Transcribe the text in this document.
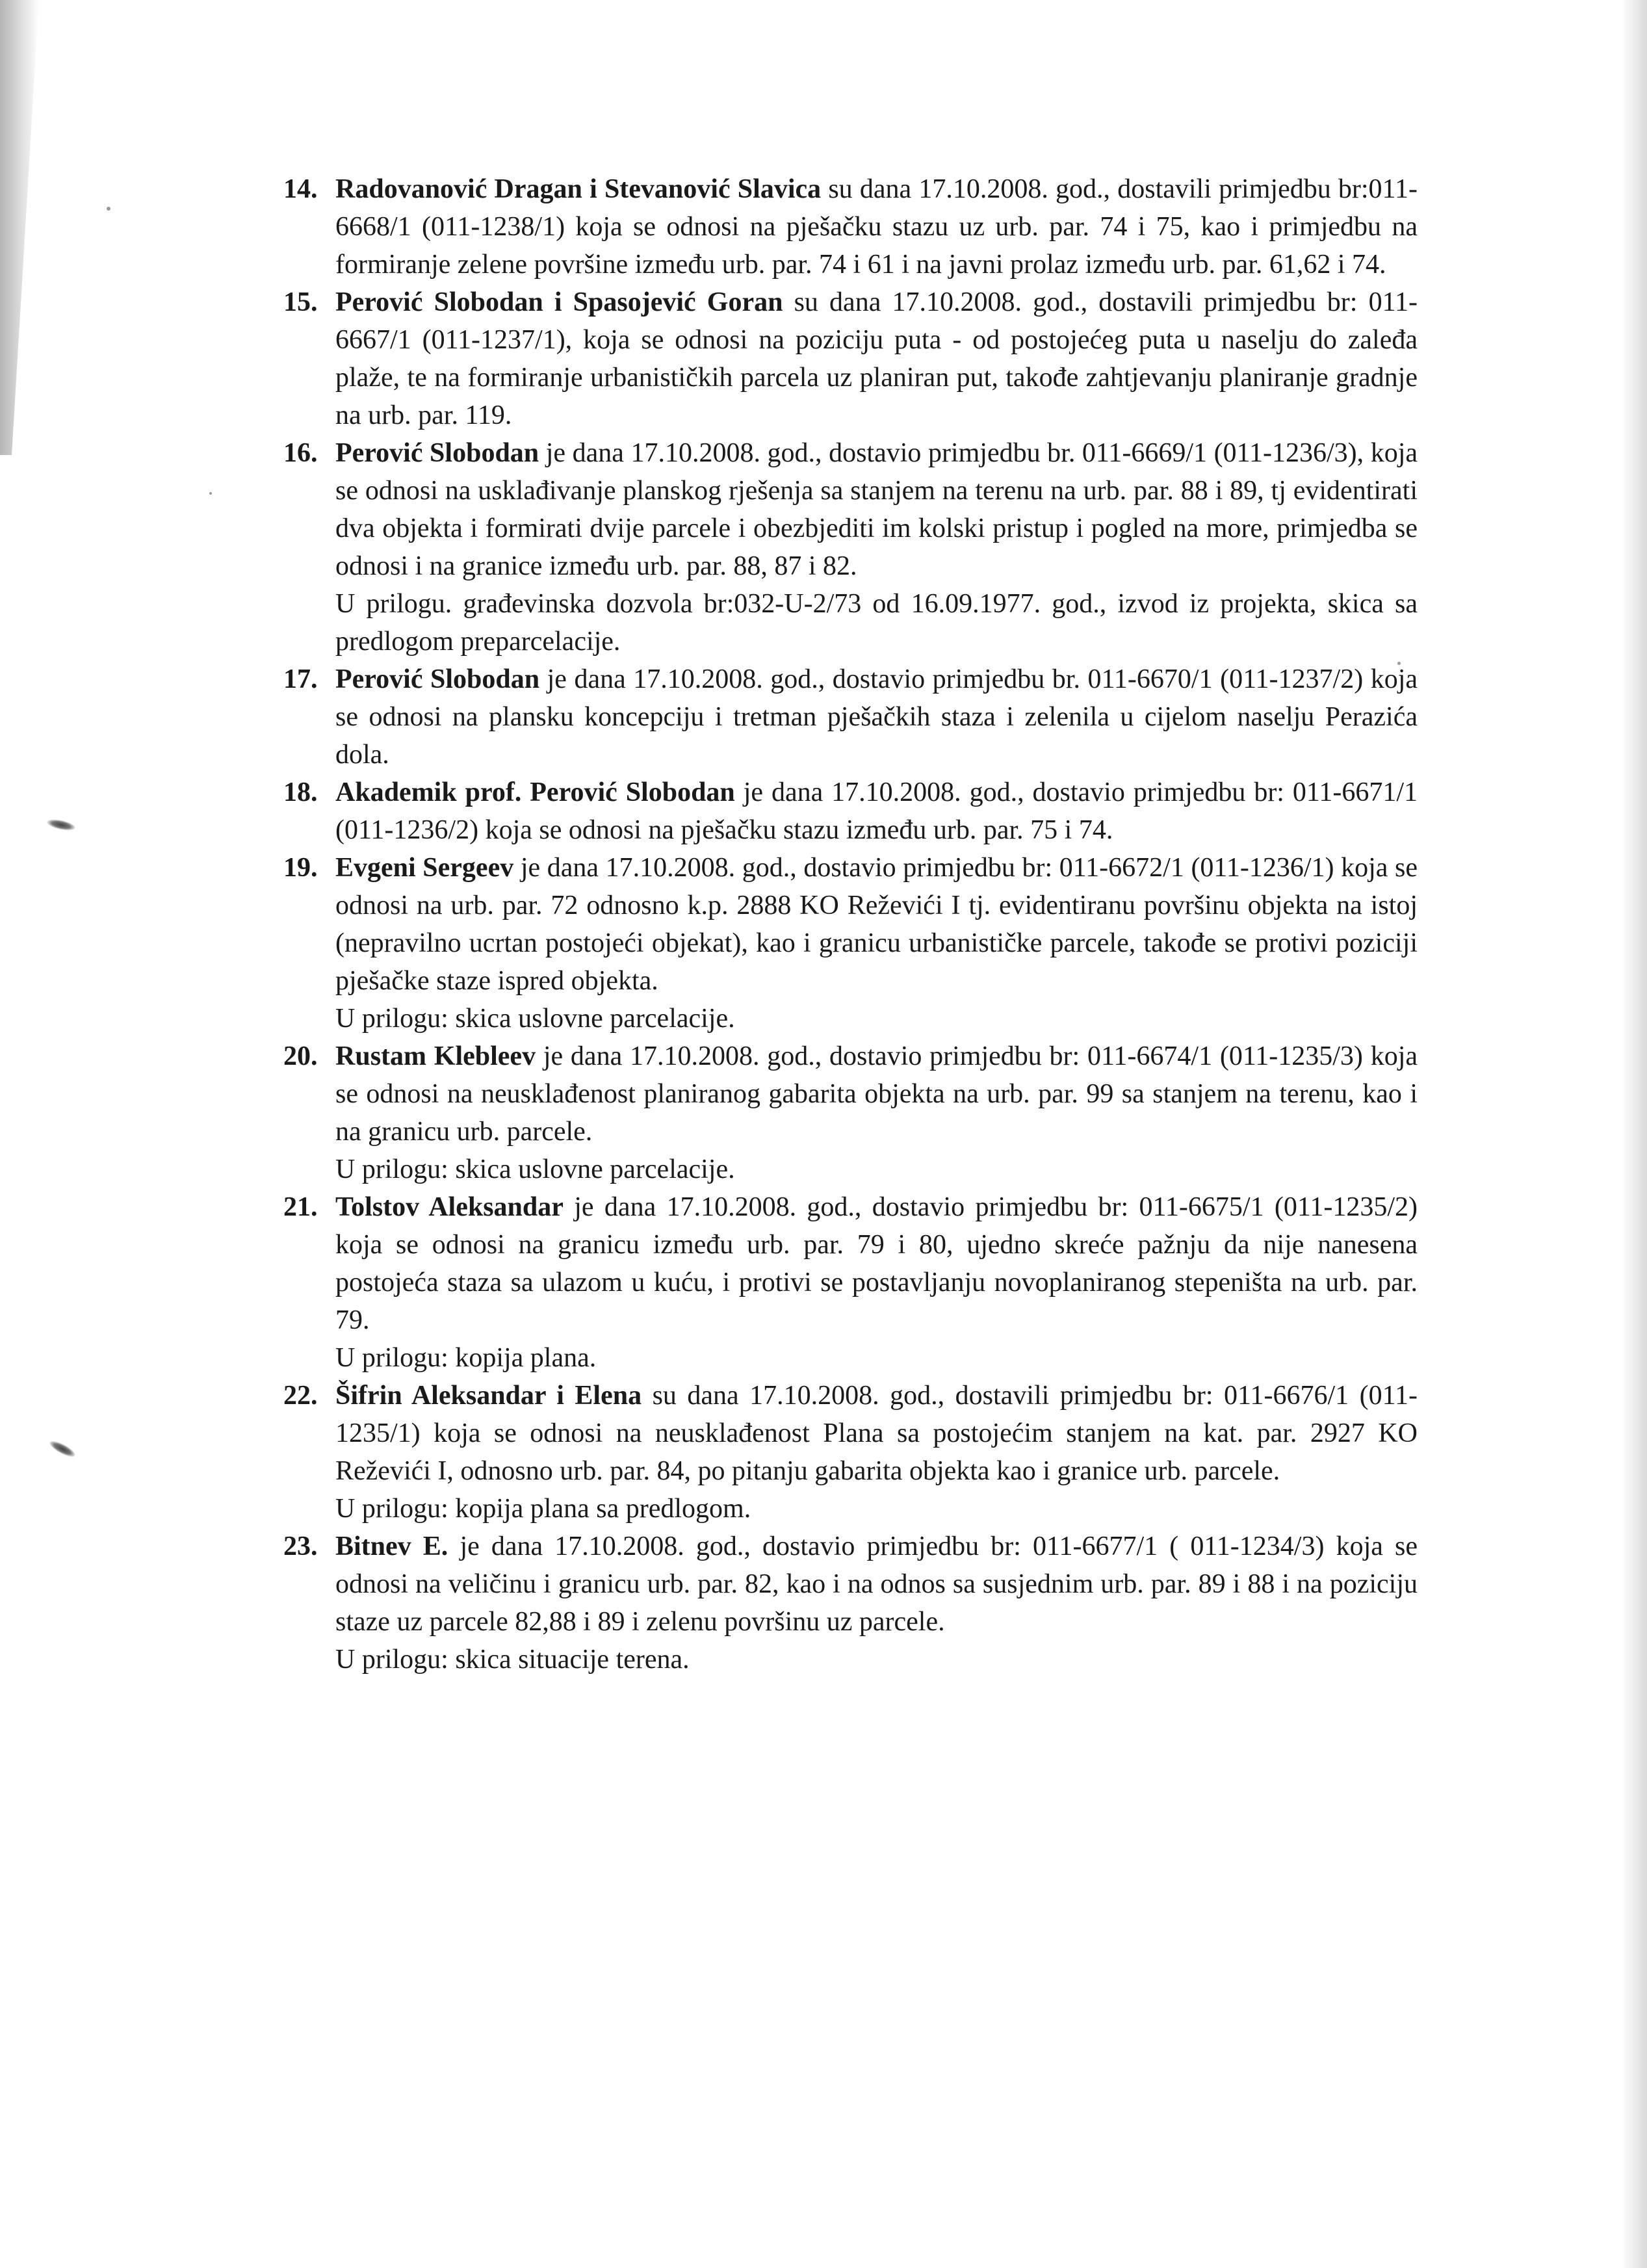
14. Radovanović Dragan i Stevanović Slavica su dana 17.10.2008. god., dostavili primjedbu br:011-6668/1 (011-1238/1) koja se odnosi na pješačku stazu uz urb. par. 74 i 75, kao i primjedbu na formiranje zelene površine između urb. par. 74 i 61 i na javni prolaz između urb. par. 61,62 i 74.

15. Perović Slobodan i Spasojević Goran su dana 17.10.2008. god., dostavili primjedbu br: 011-6667/1 (011-1237/1), koja se odnosi na poziciju puta - od postojećeg puta u naselju do zaleđa plaže, te na formiranje urbanističkih parcela uz planiran put, takođe zahtjevanju planiranje gradnje na urb. par. 119.

16. Perović Slobodan je dana 17.10.2008. god., dostavio primjedbu br. 011-6669/1 (011-1236/3), koja se odnosi na usklađivanje planskog rješenja sa stanjem na terenu na urb. par. 88 i 89, tj evidentirati dva objekta i formirati dvije parcele i obezbjediti im kolski pristup i pogled na more, primjedba se odnosi i na granice između urb. par. 88, 87 i 82.
U prilogu. građevinska dozvola br:032-U-2/73 od 16.09.1977. god., izvod iz projekta, skica sa predlogom preparcelacije.

17. Perović Slobodan je dana 17.10.2008. god., dostavio primjedbu br. 011-6670/1 (011-1237/2) koja se odnosi na plansku koncepciju i tretman pješačkih staza i zelenila u cijelom naselju Perazića dola.

18. Akademik prof. Perović Slobodan je dana 17.10.2008. god., dostavio primjedbu br: 011-6671/1 (011-1236/2) koja se odnosi na pješačku stazu između urb. par. 75 i 74.

19. Evgeni Sergeev je dana 17.10.2008. god., dostavio primjedbu br: 011-6672/1 (011-1236/1) koja se odnosi na urb. par. 72 odnosno k.p. 2888 KO Reževići I tj. evidentiranu površinu objekta na istoj (nepravilno ucrtan postojeći objekat), kao i granicu urbanističke parcele, takođe se protivi poziciji pješačke staze ispred objekta.
U prilogu: skica uslovne parcelacije.

20. Rustam Klebleev je dana 17.10.2008. god., dostavio primjedbu br: 011-6674/1 (011-1235/3) koja se odnosi na neusklađenost planiranog gabarita objekta na urb. par. 99 sa stanjem na terenu, kao i na granicu urb. parcele.
U prilogu: skica uslovne parcelacije.

21. Tolstov Aleksandar je dana 17.10.2008. god., dostavio primjedbu br: 011-6675/1 (011-1235/2) koja se odnosi na granicu između urb. par. 79 i 80, ujedno skreće pažnju da nije nanesena postojeća staza sa ulazom u kuću, i protivi se postavljanju novoplaniranog stepeništa na urb. par. 79.
U prilogu: kopija plana.

22. Šifrin Aleksandar i Elena su dana 17.10.2008. god., dostavili primjedbu br: 011-6676/1 (011-1235/1) koja se odnosi na neusklađenost Plana sa postojećim stanjem na kat. par. 2927 KO Reževići I, odnosno urb. par. 84, po pitanju gabarita objekta kao i granice urb. parcele.
U prilogu: kopija plana sa predlogom.

23. Bitnev E. je dana 17.10.2008. god., dostavio primjedbu br: 011-6677/1 ( 011-1234/3) koja se odnosi na veličinu i granicu urb. par. 82, kao i na odnos sa susjednim urb. par. 89 i 88 i na poziciju staze uz parcele 82,88 i 89 i zelenu površinu uz parcele.
U prilogu: skica situacije terena.
